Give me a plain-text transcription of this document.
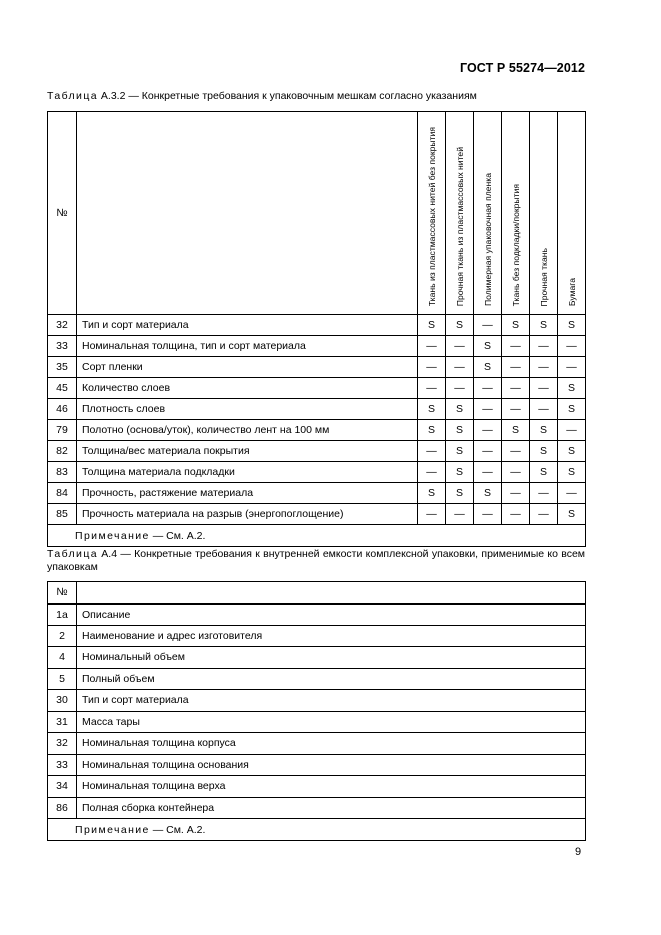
ГОСТ Р 55274—2012
Таблица А.3.2 — Конкретные требования к упаковочным мешкам согласно указаниям
№		Ткань из пластмассовых нитей без покрытия	Прочная ткань из пластмассовых нитей	Полимерная упаковочная пленка	Ткань без подкладки/покрытия	Прочная ткань	Бумага

32	Тип и сорт материала	S	S	—	S	S	S
33	Номинальная толщина, тип и сорт материала	—	—	S	—	—	—
35	Сорт пленки	—	—	S	—	—	—
45	Количество слоев	—	—	—	—	—	S
46	Плотность слоев	S	S	—	—	—	S
79	Полотно (основа/уток), количество лент на 100 мм	S	S	—	S	S	—
82	Толщина/вес материала покрытия	—	S	—	—	S	S
83	Толщина материала подкладки	—	S	—	—	S	S
84	Прочность, растяжение материала	S	S	S	—	—	—
85	Прочность материала на разрыв (энергопоглощение)	—	—	—	—	—	S
Примечание — См. А.2.							
Таблица А.4 — Конкретные требования к внутренней емкости комплексной упаковки, применимые ко всем упаковкам
№	
1а	Описание
2	Наименование и адрес изготовителя
4	Номинальный объем
5	Полный объем
30	Тип и сорт материала
31	Масса тары
32	Номинальная толщина корпуса
33	Номинальная толщина основания
34	Номинальная толщина верха
86	Полная сборка контейнера
Примечание — См. А.2.	
9
